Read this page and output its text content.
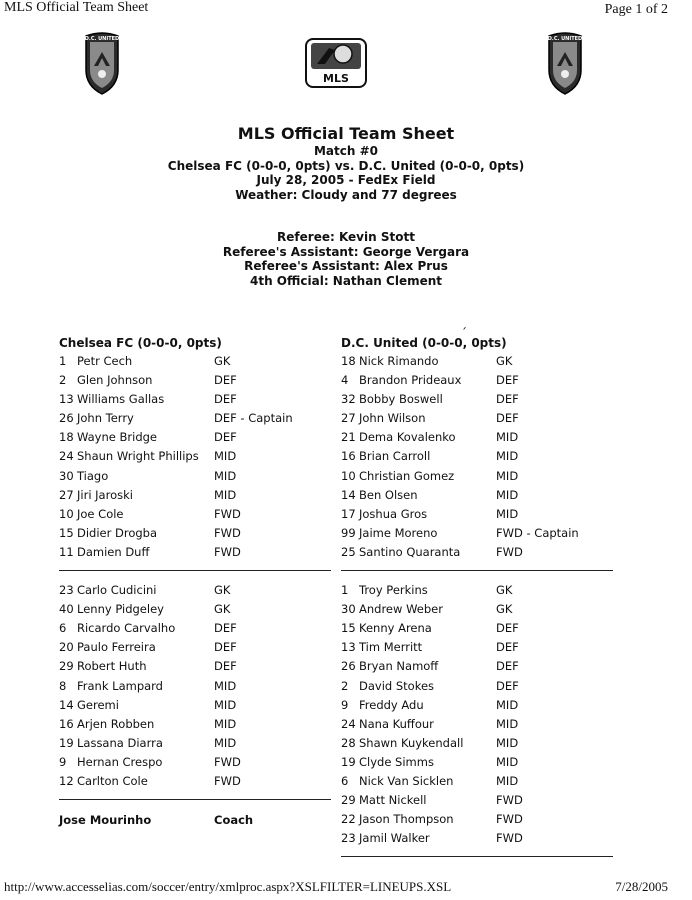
MLS Official Team Sheet	Page 1 of 2
D.C. UNITED
MLS
D.C. UNITED
MLS Official Team Sheet
Match #0
Chelsea FC (0-0-0, 0pts) vs. D.C. United (0-0-0, 0pts)
July 28, 2005 - FedEx Field
Weather: Cloudy and 77 degrees
Referee: Kevin Stott
Referee's Assistant: George Vergara
Referee's Assistant: Alex Prus
4th Official: Nathan Clement
ˊ
Chelsea FC (0-0-0, 0pts)
1 Petr Cech	GK
2 Glen Johnson	DEF
13 Williams Gallas	DEF
26 John Terry	DEF - Captain
18 Wayne Bridge	DEF
24 Shaun Wright Phillips MID
30 Tiago	MID
27 Jiri Jaroski	MID
10 Joe Cole	FWD
15 Didier Drogba	FWD
11 Damien Duff	FWD
23 Carlo Cudicini	GK
40 Lenny Pidgeley	GK
6 Ricardo Carvalho	DEF
20 Paulo Ferreira	DEF
29 Robert Huth	DEF
8 Frank Lampard	MID
14 Geremi	MID
16 Arjen Robben	MID
19 Lassana Diarra	MID
9 Hernan Crespo	FWD
12 Carlton Cole	FWD
Jose Mourinho	Coach
D.C. United (0-0-0, 0pts)
18 Nick Rimando	GK
4 Brandon Prideaux	DEF
32 Bobby Boswell	DEF
27 John Wilson	DEF
21 Dema Kovalenko	MID
16 Brian Carroll	MID
10 Christian Gomez	MID
14 Ben Olsen	MID
17 Joshua Gros	MID
99 Jaime Moreno	FWD - Captain
25 Santino Quaranta	FWD
1 Troy Perkins	GK
30 Andrew Weber	GK
15 Kenny Arena	DEF
13 Tim Merritt	DEF
26 Bryan Namoff	DEF
2 David Stokes	DEF
9 Freddy Adu	MID
24 Nana Kuffour	MID
28 Shawn Kuykendall	MID
19 Clyde Simms	MID
6 Nick Van Sicklen	MID
29 Matt Nickell	FWD
22 Jason Thompson	FWD
23 Jamil Walker	FWD
http://www.accesselias.com/soccer/entry/xmlproc.aspx?XSLFILTER=LINEUPS.XSL	7/28/2005
